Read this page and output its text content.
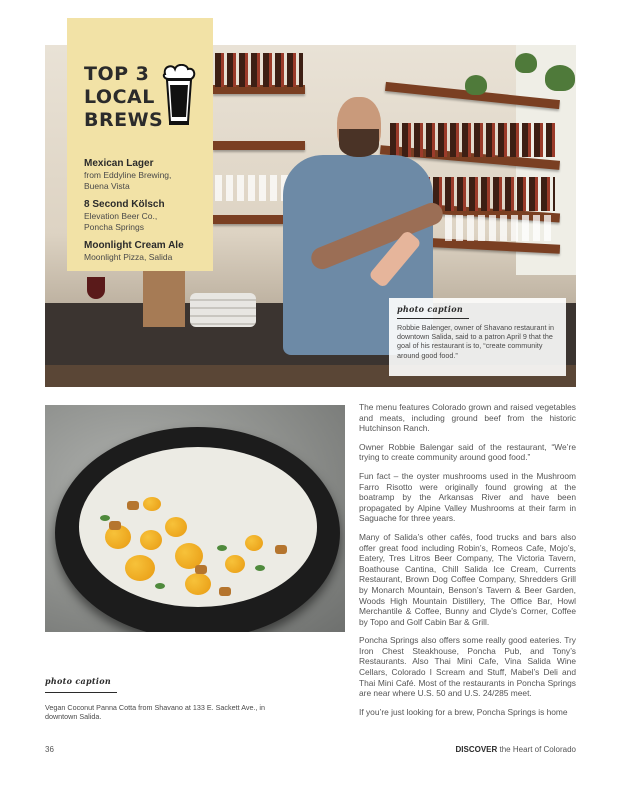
TOP 3
LOCAL
BREWS
Mexican Lager
from Eddyline Brewing,
Buena Vista
8 Second Kölsch
Elevation Beer Co.,
Poncha Springs
Moonlight Cream Ale
Moonlight Pizza, Salida
photo caption
Robbie Balenger, owner of Shavano restaurant in downtown Salida, said to a patron April 9 that the goal of his restaurant is to, “create community around good food.”
photo caption
Vegan Coconut Panna Cotta from Shavano at 133 E. Sackett Ave., in downtown Salida.

The menu features Colorado grown and raised vegetables and meats, including ground beef from the historic Hutchinson Ranch.

Owner Robbie Balengar said of the restaurant, “We’re trying to create community around good food.”

Fun fact – the oyster mushrooms used in the Mushroom Farro Risotto were originally found growing at the boatramp by the Arkansas River and have been propagated by Alpine Valley Mushrooms at their farm in Saguache for three years.

Many of Salida’s other cafés, food trucks and bars also offer great food including Robin’s, Romeos Cafe, Mojo’s, Eatery, Tres Litros Beer Company, The Victoria Tavern, Boathouse Cantina, Chill Salida Ice Cream, Currents Restaurant, Brown Dog Coffee Company, Shredders Grill by Monarch Mountain, Benson’s Tavern & Beer Garden, Woods High Mountain Distillery, The Office Bar, Howl Merchantile & Coffee, Bunny and Clyde’s Corner, Coffee by Topo and Golf Cabin Bar & Grill.

Poncha Springs also offers some really good eateries. Try Iron Chest Steakhouse, Poncha Pub, and Tony’s Restaurants. Also Thai Mini Cafe, Vina Salida Wine Cellars, Colorado I Scream and Stuff, Mabel’s Deli and Thai Mini Café. Most of the restaurants in Poncha Springs are near where U.S. 50 and U.S. 24/285 meet.

If you’re just looking for a brew, Poncha Springs is home

36	DISCOVER the Heart of Colorado
